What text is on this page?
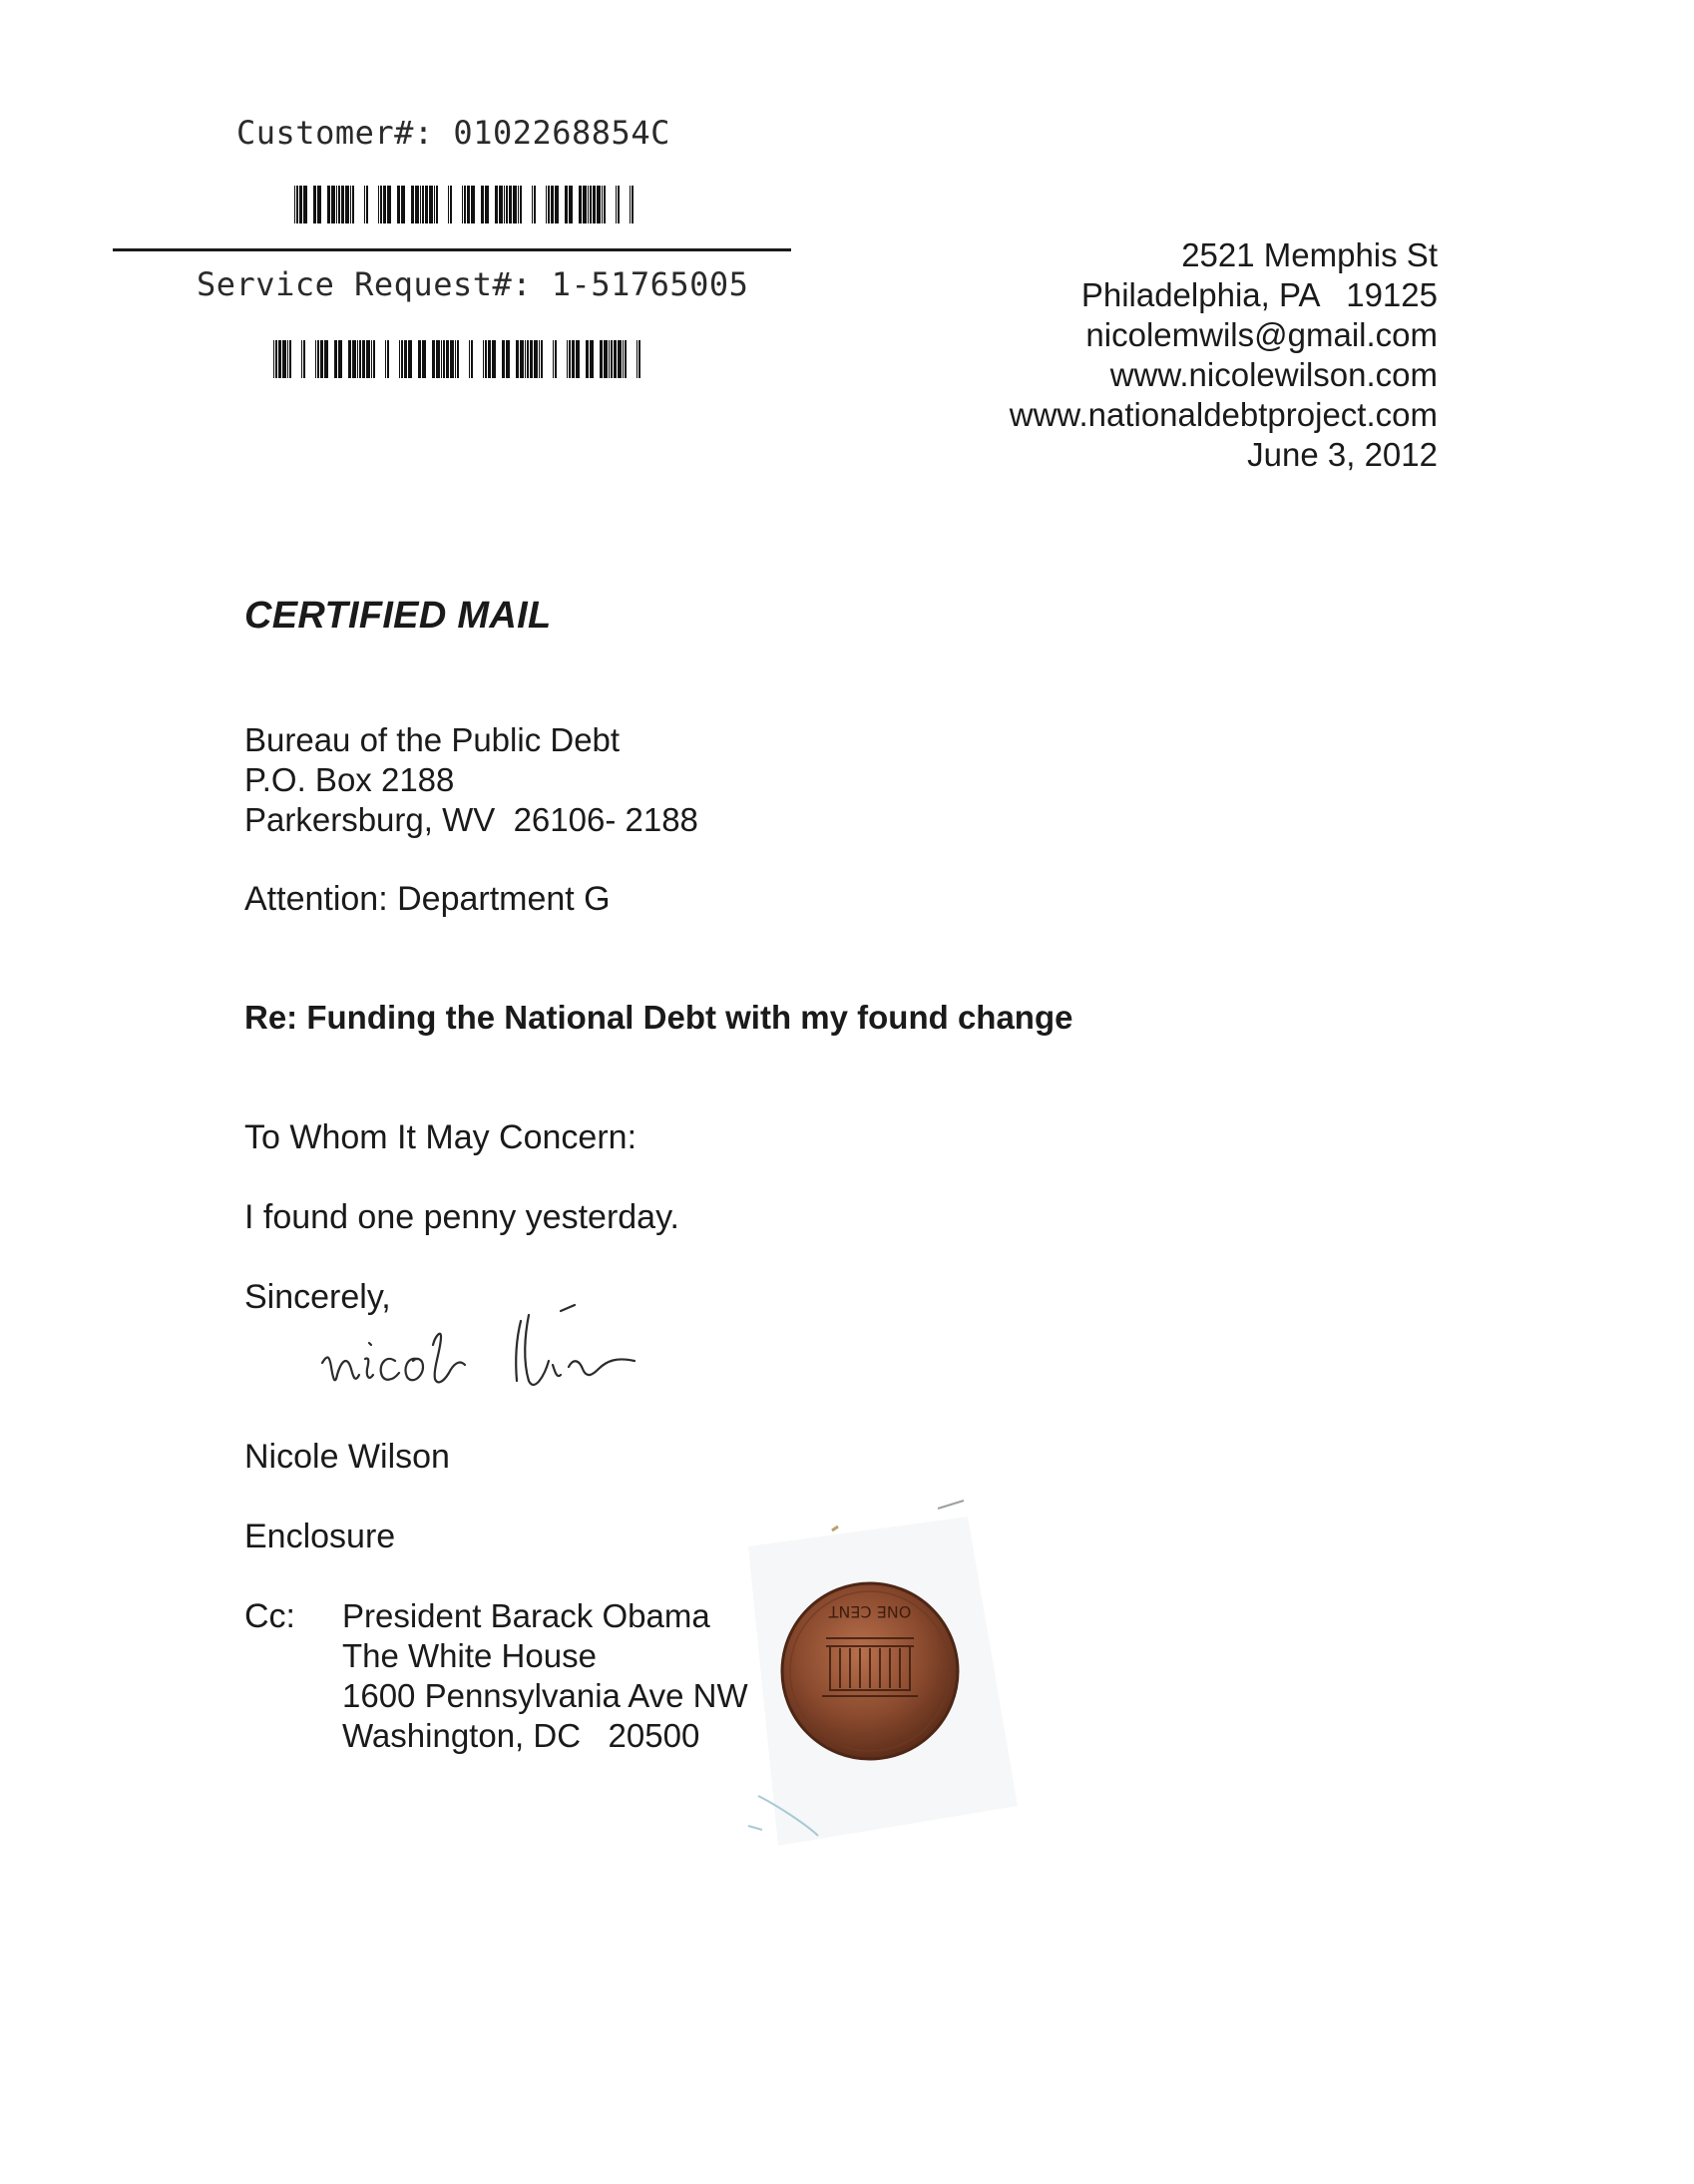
Customer#: 0102268854C
Service Request#: 1-51765005
2521 Memphis St
Philadelphia, PA   19125
nicolemwils@gmail.com
www.nicolewilson.com
www.nationaldebtproject.com
June 3, 2012
CERTIFIED MAIL
Bureau of the Public Debt
P.O. Box 2188
Parkersburg, WV  26106- 2188
Attention: Department G
Re: Funding the National Debt with my found change
To Whom It May Concern:
I found one penny yesterday.
Sincerely,
Nicole Wilson
Enclosure
Cc: President Barack Obama
The White House
1600 Pennsylvania Ave NW
Washington, DC   20500
ONE CENT
